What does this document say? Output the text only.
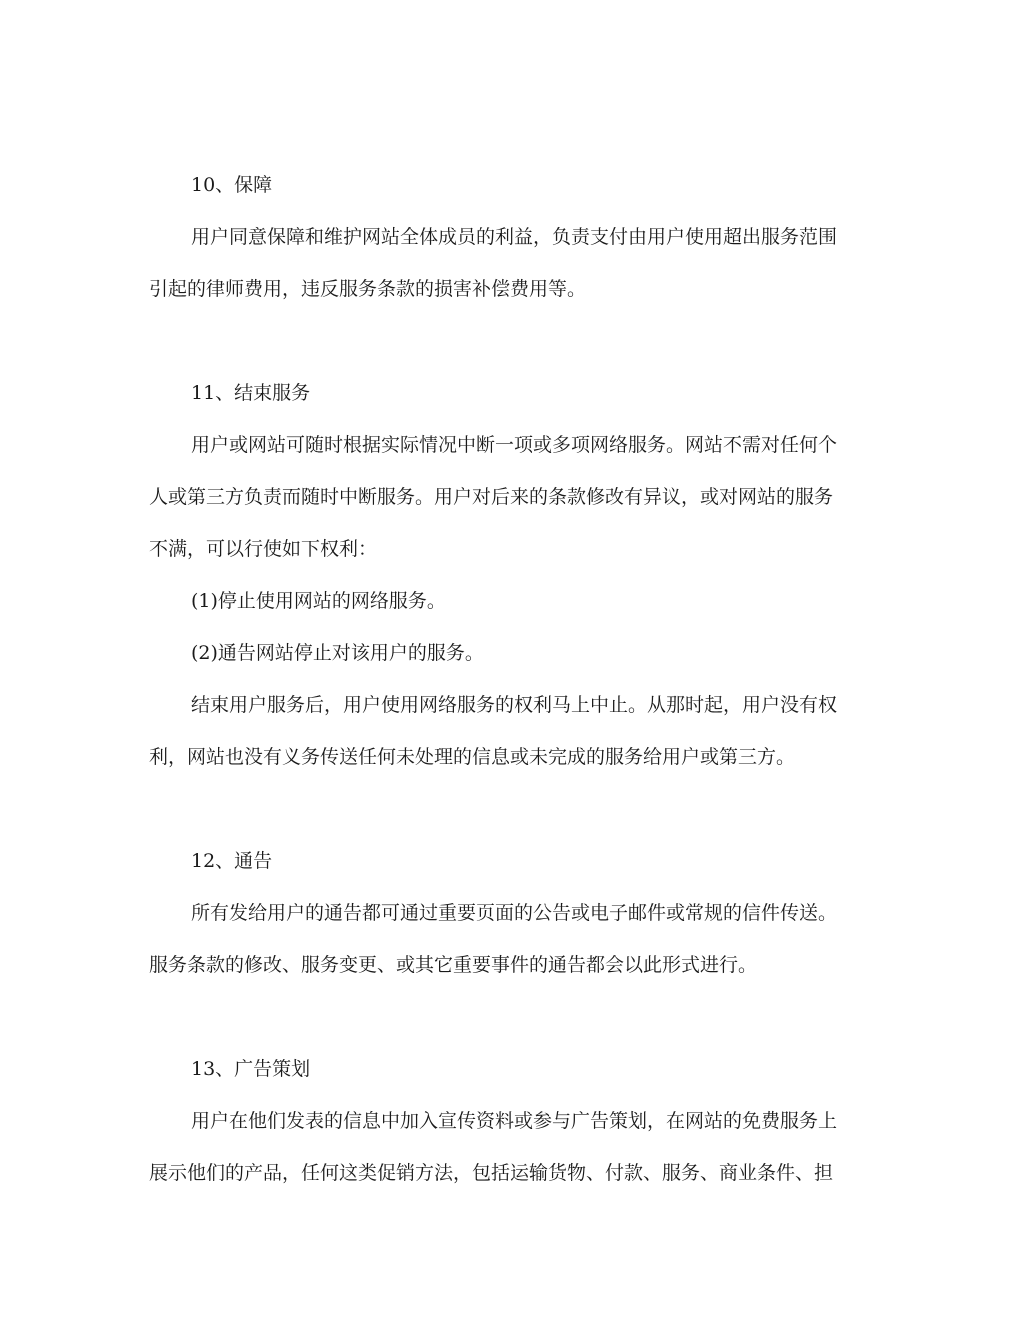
10、保障
用户同意保障和维护网站全体成员的利益，负责支付由用户使用超出服务范围
引起的律师费用，违反服务条款的损害补偿费用等。
11、结束服务
用户或网站可随时根据实际情况中断一项或多项网络服务。网站不需对任何个
人或第三方负责而随时中断服务。用户对后来的条款修改有异议，或对网站的服务
不满，可以行使如下权利：
(1)停止使用网站的网络服务。
(2)通告网站停止对该用户的服务。
结束用户服务后，用户使用网络服务的权利马上中止。从那时起，用户没有权
利，网站也没有义务传送任何未处理的信息或未完成的服务给用户或第三方。
12、通告
所有发给用户的通告都可通过重要页面的公告或电子邮件或常规的信件传送。
服务条款的修改、服务变更、或其它重要事件的通告都会以此形式进行。
13、广告策划
用户在他们发表的信息中加入宣传资料或参与广告策划，在网站的免费服务上
展示他们的产品，任何这类促销方法，包括运输货物、付款、服务、商业条件、担
